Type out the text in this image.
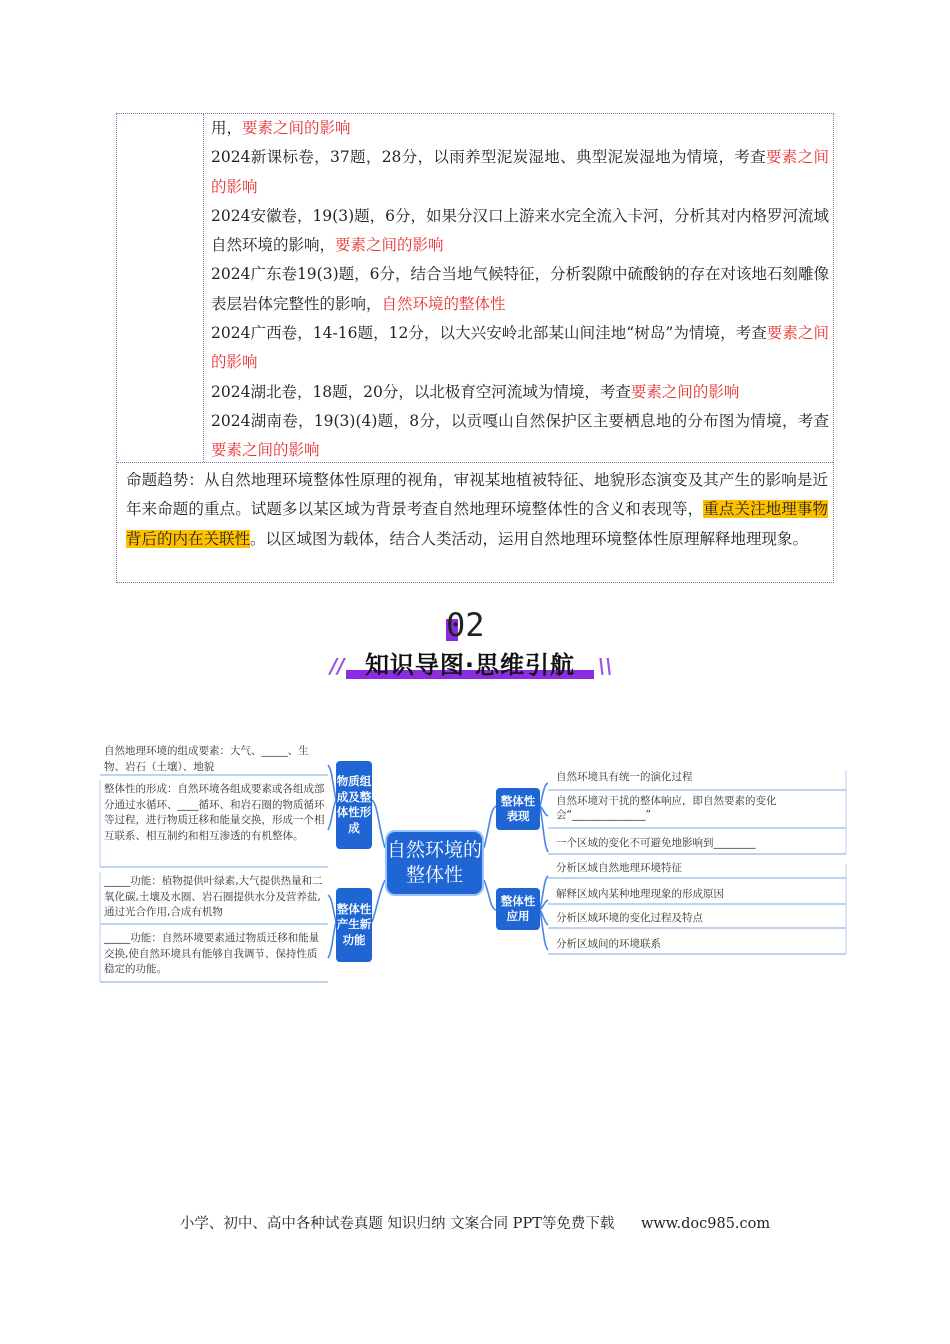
用，要素之间的影响
2024新课标卷，37题，28分，以雨养型泥炭湿地、典型泥炭湿地为情境，考查要素之间的影响
2024安徽卷，19(3)题，6分，如果分汉口上游来水完全流入卡河，分析其对内格罗河流域自然环境的影响，要素之间的影响
2024广东卷19(3)题，6分，结合当地气候特征，分析裂隙中硫酸钠的存在对该地石刻雕像表层岩体完整性的影响，自然环境的整体性
2024广西卷，14-16题，12分，以大兴安岭北部某山间洼地“树岛”为情境，考查要素之间的影响
2024湖北卷，18题，20分，以北极育空河流域为情境，考查要素之间的影响
2024湖南卷，19(3)(4)题，8分，以贡嘎山自然保护区主要栖息地的分布图为情境，考查要素之间的影响
命题趋势：从自然地理环境整体性原理的视角，审视某地植被特征、地貌形态演变及其产生的影响是近年来命题的重点。试题多以某区域为背景考查自然地理环境整体性的含义和表现等，重点关注地理事物背后的内在关联性。以区域图为载体，结合人类活动，运用自然地理环境整体性原理解释地理现象。
02
// 知识导图·思维引航	\\
自然环境的整体性
物质组成及整体性形成
整体性产生新功能
整体性表现
整体性应用
自然地理环境的组成要素：大气、_____、生物、岩石（土壤）、地貌
整体性的形成：自然环境各组成要素或各组成部分通过水循环、____循环、和岩石圈的物质循环等过程，进行物质迁移和能量交换，形成一个相互联系、相互制约和相互渗透的有机整体。
_____功能：植物提供叶绿素,大气提供热量和二氧化碳,土壤及水圈、岩石圈提供水分及营养盐,通过光合作用,合成有机物
_____功能：自然环境要素通过物质迁移和能量交换,使自然环境具有能够自我调节、保持性质稳定的功能。
自然环境具有统一的演化过程
自然环境对干扰的整体响应，即自然要素的变化会“______________”
一个区域的变化不可避免地影响到________
分析区域自然地理环境特征
解释区域内某种地理现象的形成原因
分析区域环境的变化过程及特点
分析区域间的环境联系
小学、初中、高中各种试卷真题 知识归纳 文案合同 PPT等免费下载 www.doc985.com
